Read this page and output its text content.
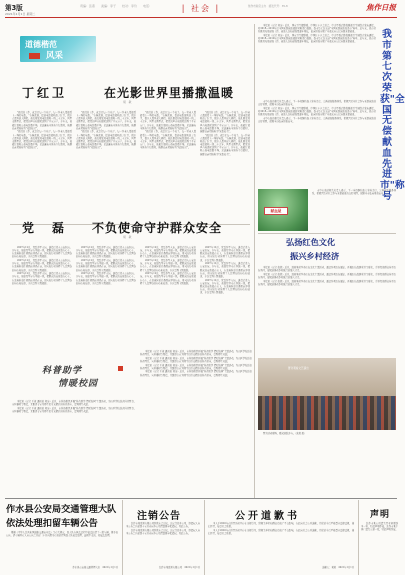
第3版
2021年1月1日 星期二
责编：张燕　　美编：李子　　校对：李玲　　电话：	| 社会 |	焦作市政府主办　邮发代号：35-8	焦作日报
道德楷范
风采
丁红卫	在光影世界里播撒温暖
胡　敏

"我们的工作，就是让每一个孩子、每一位老人都能看上一场好电影。"在修武县，提起电影放映员丁红卫，很多人都竖起大拇指。他扎根农村电影放映一线二十余年，风里来雨里去，把党的声音和温暖送到了千家万户。多年来，他累计放映公益电影数千场，足迹遍布全县各个行政村，被群众亲切地称为"光影使者"。

"我们的工作，就是让每一个孩子、每一位老人都能看上一场好电影。"在修武县，提起电影放映员丁红卫，很多人都竖起大拇指。他扎根农村电影放映一线二十余年，风里来雨里去，把党的声音和温暖送到了千家万户。多年来，他累计放映公益电影数千场，足迹遍布全县各个行政村，被群众亲切地称为"光影使者"。

"我们的工作，就是让每一个孩子、每一位老人都能看上一场好电影。"在修武县，提起电影放映员丁红卫，很多人都竖起大拇指。他扎根农村电影放映一线二十余年，风里来雨里去，把党的声音和温暖送到了千家万户。多年来，他累计放映公益电影数千场，足迹遍布全县各个行政村，被群众亲切地称为"光影使者"。

"我们的工作，就是让每一个孩子、每一位老人都能看上一场好电影。"在修武县，提起电影放映员丁红卫，很多人都竖起大拇指。他扎根农村电影放映一线二十余年，风里来雨里去，把党的声音和温暖送到了千家万户。多年来，他累计放映公益电影数千场，足迹遍布全县各个行政村，被群众亲切地称为"光影使者"。

"我们的工作，就是让每一个孩子、每一位老人都能看上一场好电影。"在修武县，提起电影放映员丁红卫，很多人都竖起大拇指。他扎根农村电影放映一线二十余年，风里来雨里去，把党的声音和温暖送到了千家万户。多年来，他累计放映公益电影数千场，足迹遍布全县各个行政村，被群众亲切地称为"光影使者"。

"我们的工作，就是让每一个孩子、每一位老人都能看上一场好电影。"在修武县，提起电影放映员丁红卫，很多人都竖起大拇指。他扎根农村电影放映一线二十余年，风里来雨里去，把党的声音和温暖送到了千家万户。多年来，他累计放映公益电影数千场，足迹遍布全县各个行政村，被群众亲切地称为"光影使者"。

"我们的工作，就是让每一个孩子、每一位老人都能看上一场好电影。"在修武县，提起电影放映员丁红卫，很多人都竖起大拇指。他扎根农村电影放映一线二十余年，风里来雨里去，把党的声音和温暖送到了千家万户。多年来，他累计放映公益电影数千场，足迹遍布全县各个行政村，被群众亲切地称为"光影使者"。

"我们的工作，就是让每一个孩子、每一位老人都能看上一场好电影。"在修武县，提起电影放映员丁红卫，很多人都竖起大拇指。他扎根农村电影放映一线二十余年，风里来雨里去，把党的声音和温暖送到了千家万户。多年来，他累计放映公益电影数千场，足迹遍布全县各个行政村，被群众亲切地称为"光影使者"。

党　磊 不负使命守护群众安全
胡　敏

2007年12月，党磊参军入伍，退役后进入公安队伍。多年来，他始终坚守在基层一线，把群众的安危放在心上，在急难险重任务面前冲锋在前，用实际行动诠释了人民警察的初心和使命，多次受到上级表彰。

2007年12月，党磊参军入伍，退役后进入公安队伍。多年来，他始终坚守在基层一线，把群众的安危放在心上，在急难险重任务面前冲锋在前，用实际行动诠释了人民警察的初心和使命，多次受到上级表彰。

2007年12月，党磊参军入伍，退役后进入公安队伍。多年来，他始终坚守在基层一线，把群众的安危放在心上，在急难险重任务面前冲锋在前，用实际行动诠释了人民警察的初心和使命，多次受到上级表彰。

2007年12月，党磊参军入伍，退役后进入公安队伍。多年来，他始终坚守在基层一线，把群众的安危放在心上，在急难险重任务面前冲锋在前，用实际行动诠释了人民警察的初心和使命，多次受到上级表彰。

2007年12月，党磊参军入伍，退役后进入公安队伍。多年来，他始终坚守在基层一线，把群众的安危放在心上，在急难险重任务面前冲锋在前，用实际行动诠释了人民警察的初心和使命，多次受到上级表彰。

2007年12月，党磊参军入伍，退役后进入公安队伍。多年来，他始终坚守在基层一线，把群众的安危放在心上，在急难险重任务面前冲锋在前，用实际行动诠释了人民警察的初心和使命，多次受到上级表彰。

2007年12月，党磊参军入伍，退役后进入公安队伍。多年来，他始终坚守在基层一线，把群众的安危放在心上，在急难险重任务面前冲锋在前，用实际行动诠释了人民警察的初心和使命，多次受到上级表彰。

2007年12月，党磊参军入伍，退役后进入公安队伍。多年来，他始终坚守在基层一线，把群众的安危放在心上，在急难险重任务面前冲锋在前，用实际行动诠释了人民警察的初心和使命，多次受到上级表彰。

2007年12月，党磊参军入伍，退役后进入公安队伍。多年来，他始终坚守在基层一线，把群众的安危放在心上，在急难险重任务面前冲锋在前，用实际行动诠释了人民警察的初心和使命，多次受到上级表彰。

2007年12月，党磊参军入伍，退役后进入公安队伍。多年来，他始终坚守在基层一线，把群众的安危放在心上，在急难险重任务面前冲锋在前，用实际行动诠释了人民警察的初心和使命，多次受到上级表彰。

2007年12月，党磊参军入伍，退役后进入公安队伍。多年来，他始终坚守在基层一线，把群众的安危放在心上，在急难险重任务面前冲锋在前，用实际行动诠释了人民警察的初心和使命，多次受到上级表彰。

2007年12月，党磊参军入伍，退役后进入公安队伍。多年来，他始终坚守在基层一线，把群众的安危放在心上，在急难险重任务面前冲锋在前，用实际行动诠释了人民警察的初心和使命，多次受到上级表彰。

本报讯（记者 刘涛）近日，国家卫生健康委、中国红十字会总会、中央军委后勤保障部卫生局联合发布通报，对2018—2019年度全国无偿献血表彰对象进行表彰。我市第七次荣获"全国无偿献血先进市"称号。近年来，我市持续推进无偿献血工作，献血人次和献血量逐年增长，临床用血实现了全部来自公民自愿无偿献血。

本报讯（记者 刘涛）近日，国家卫生健康委、中国红十字会总会、中央军委后勤保障部卫生局联合发布通报，对2018—2019年度全国无偿献血表彰对象进行表彰。我市第七次荣获"全国无偿献血先进市"称号。近年来，我市持续推进无偿献血工作，献血人次和献血量逐年增长，临床用血实现了全部来自公民自愿无偿献血。

市中心血站相关负责人表示，下一步将继续加大宣传力度，完善献血服务体系，积极营造全社会参与无偿献血的良好氛围，保障全市临床用血安全。

本报讯（记者 刘涛）近日，国家卫生健康委、中国红十字会总会、中央军委后勤保障部卫生局联合发布通报，对2018—2019年度全国无偿献血表彰对象进行表彰。我市第七次荣获"全国无偿献血先进市"称号。近年来，我市持续推进无偿献血工作，献血人次和献血量逐年增长，临床用血实现了全部来自公民自愿无偿献血。

市中心血站相关负责人表示，下一步将继续加大宣传力度，完善献血服务体系，积极营造全社会参与无偿献血的良好氛围，保障全市临床用血安全。

我市第七次荣获"全国无偿献血先进市"称号
献血屋

市中心血站相关负责人表示，下一步将继续加大宣传力度，完善献血服务体系，积极营造全社会参与无偿献血的良好氛围，保障全市临床用血安全。

弘扬红色文化
振兴乡村经济

本报讯（记者 张燕）近日，温县某村举办红色文化主题活动，通过参观红色展馆、开展红色故事宣讲等形式，引导党员群众传承红色基因，凝聚起推动乡村振兴的强大合力。

本报讯（记者 张燕）近日，温县某村举办红色文化主题活动，通过参观红色展馆、开展红色故事宣讲等形式，引导党员群众传承红色基因，凝聚起推动乡村振兴的强大合力。

本报讯（记者 张燕）近日，温县某村举办红色文化主题活动，通过参观红色展馆、开展红色故事宣讲等形式，引导党员群众传承红色基因，凝聚起推动乡村振兴的强大合力。

群众观看文艺演出

图为活动现场，群众踊跃参与。（张燕 摄）

科普助学
情暖校园

本报讯（记者 王敏 通讯员 刘涛）近日，市科协组织开展"科普助学 情暖校园"主题活动，为山区学校送去科普图书、实验器材等物资，并邀请专家为师生们带来精彩的科普讲座，受到师生欢迎。

本报讯（记者 王敏 通讯员 刘涛）近日，市科协组织开展"科普助学 情暖校园"主题活动，为山区学校送去科普图书、实验器材等物资，并邀请专家为师生们带来精彩的科普讲座，受到师生欢迎。

本报讯（记者 王敏 通讯员 刘涛）近日，市科协组织开展"科普助学 情暖校园"主题活动，为山区学校送去科普图书、实验器材等物资，并邀请专家为师生们带来精彩的科普讲座，受到师生欢迎。

本报讯（记者 王敏 通讯员 刘涛）近日，市科协组织开展"科普助学 情暖校园"主题活动，为山区学校送去科普图书、实验器材等物资，并邀请专家为师生们带来精彩的科普讲座，受到师生欢迎。

本报讯（记者 王敏 通讯员 刘涛）近日，市科协组织开展"科普助学 情暖校园"主题活动，为山区学校送去科普图书、实验器材等物资，并邀请专家为师生们带来精彩的科普讲座，受到师生欢迎。

本报讯（记者 王敏 通讯员 刘涛）近日，市科协组织开展"科普助学 情暖校园"主题活动，为山区学校送去科普图书、实验器材等物资，并邀请专家为师生们带来精彩的科普讲座，受到师生欢迎。

作水县公安局交通管理大队依法处理扣留车辆公告

根据《中华人民共和国道路交通安全法》等有关规定，我大队在执法过程中依法扣留了一批车辆，现予以公告。请车辆所有人自公告之日起三十日内携带有效证件到我大队接受处理，逾期不来的，将依法处理。

作水县公安局交通管理大队　2021年1月1日
注销公告

焦作市某贸易有限公司经股东会决议，决定注销本公司，请债权人自本公告之日起四十五日内向本公司清算组申报债权。特此公告。

焦作市某贸易有限公司经股东会决议，决定注销本公司，请债权人自本公告之日起四十五日内向本公司清算组申报债权。特此公告。

焦作市某贸易有限公司　2021年1月1日
公开道歉书

本人于2020年在经营活动中存在违规行为，给相关单位和群众造成了不良影响，在此向社会公开道歉，并保证今后严格遵守法律法规，诚信经营，接受社会监督。

本人于2020年在经营活动中存在违规行为，给相关单位和群众造成了不良影响，在此向社会公开道歉，并保证今后严格遵守法律法规，诚信经营，接受社会监督。

道歉人：某某　2021年1月1日
声明

焦作市某公司遗失营业执照副本一份，特此声明作废。焦作市某个体户遗失公章一枚，特此声明作废。
